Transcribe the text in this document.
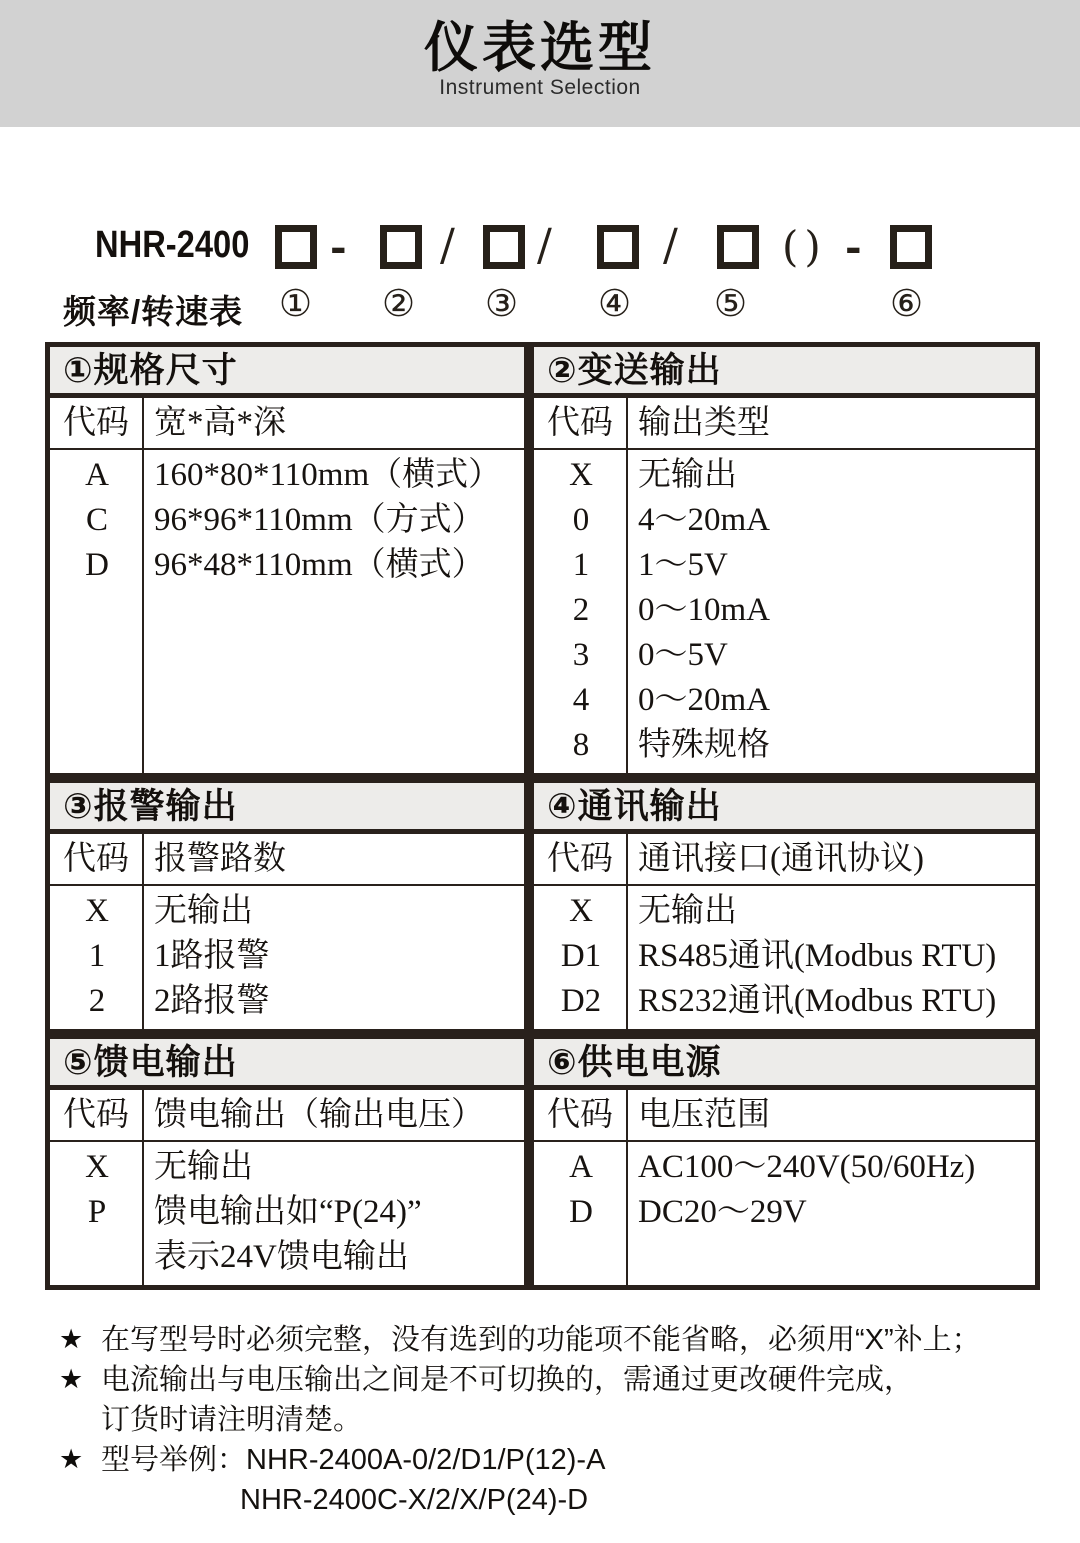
仪表选型
Instrument Selection
NHR-2400
频率/转速表
- / /	/ () -
① ② ③ ④ ⑤	⑥
①规格尺寸
代码 宽*高*深
A	160*80*110mm（横式）
C	96*96*110mm（方式）
D	96*48*110mm（横式）
②变送输出
代码 输出类型
X	无输出
0	4～20mA
1	1～5V
2	0～10mA
3	0～5V
4	0～20mA
8	特殊规格
③报警输出
代码 报警路数
X	无输出
1	1路报警
2	2路报警
④通讯输出
代码 通讯接口(通讯协议)
X	无输出
D1	RS485通讯(Modbus RTU)
D2	RS232通讯(Modbus RTU)
⑤馈电输出
代码 馈电输出（输出电压）
X	无输出
P	馈电输出如“P(24)”
表示24V馈电输出
⑥供电电源
代码 电压范围
A	AC100～240V(50/60Hz)
D	DC20～29V
★ 在写型号时必须完整，没有选到的功能项不能省略，必须用“X”补上；
★ 电流输出与电压输出之间是不可切换的，需通过更改硬件完成，
订货时请注明清楚。
★ 型号举例：NHR-2400A-0/2/D1/P(12)-A
NHR-2400C-X/2/X/P(24)-D
